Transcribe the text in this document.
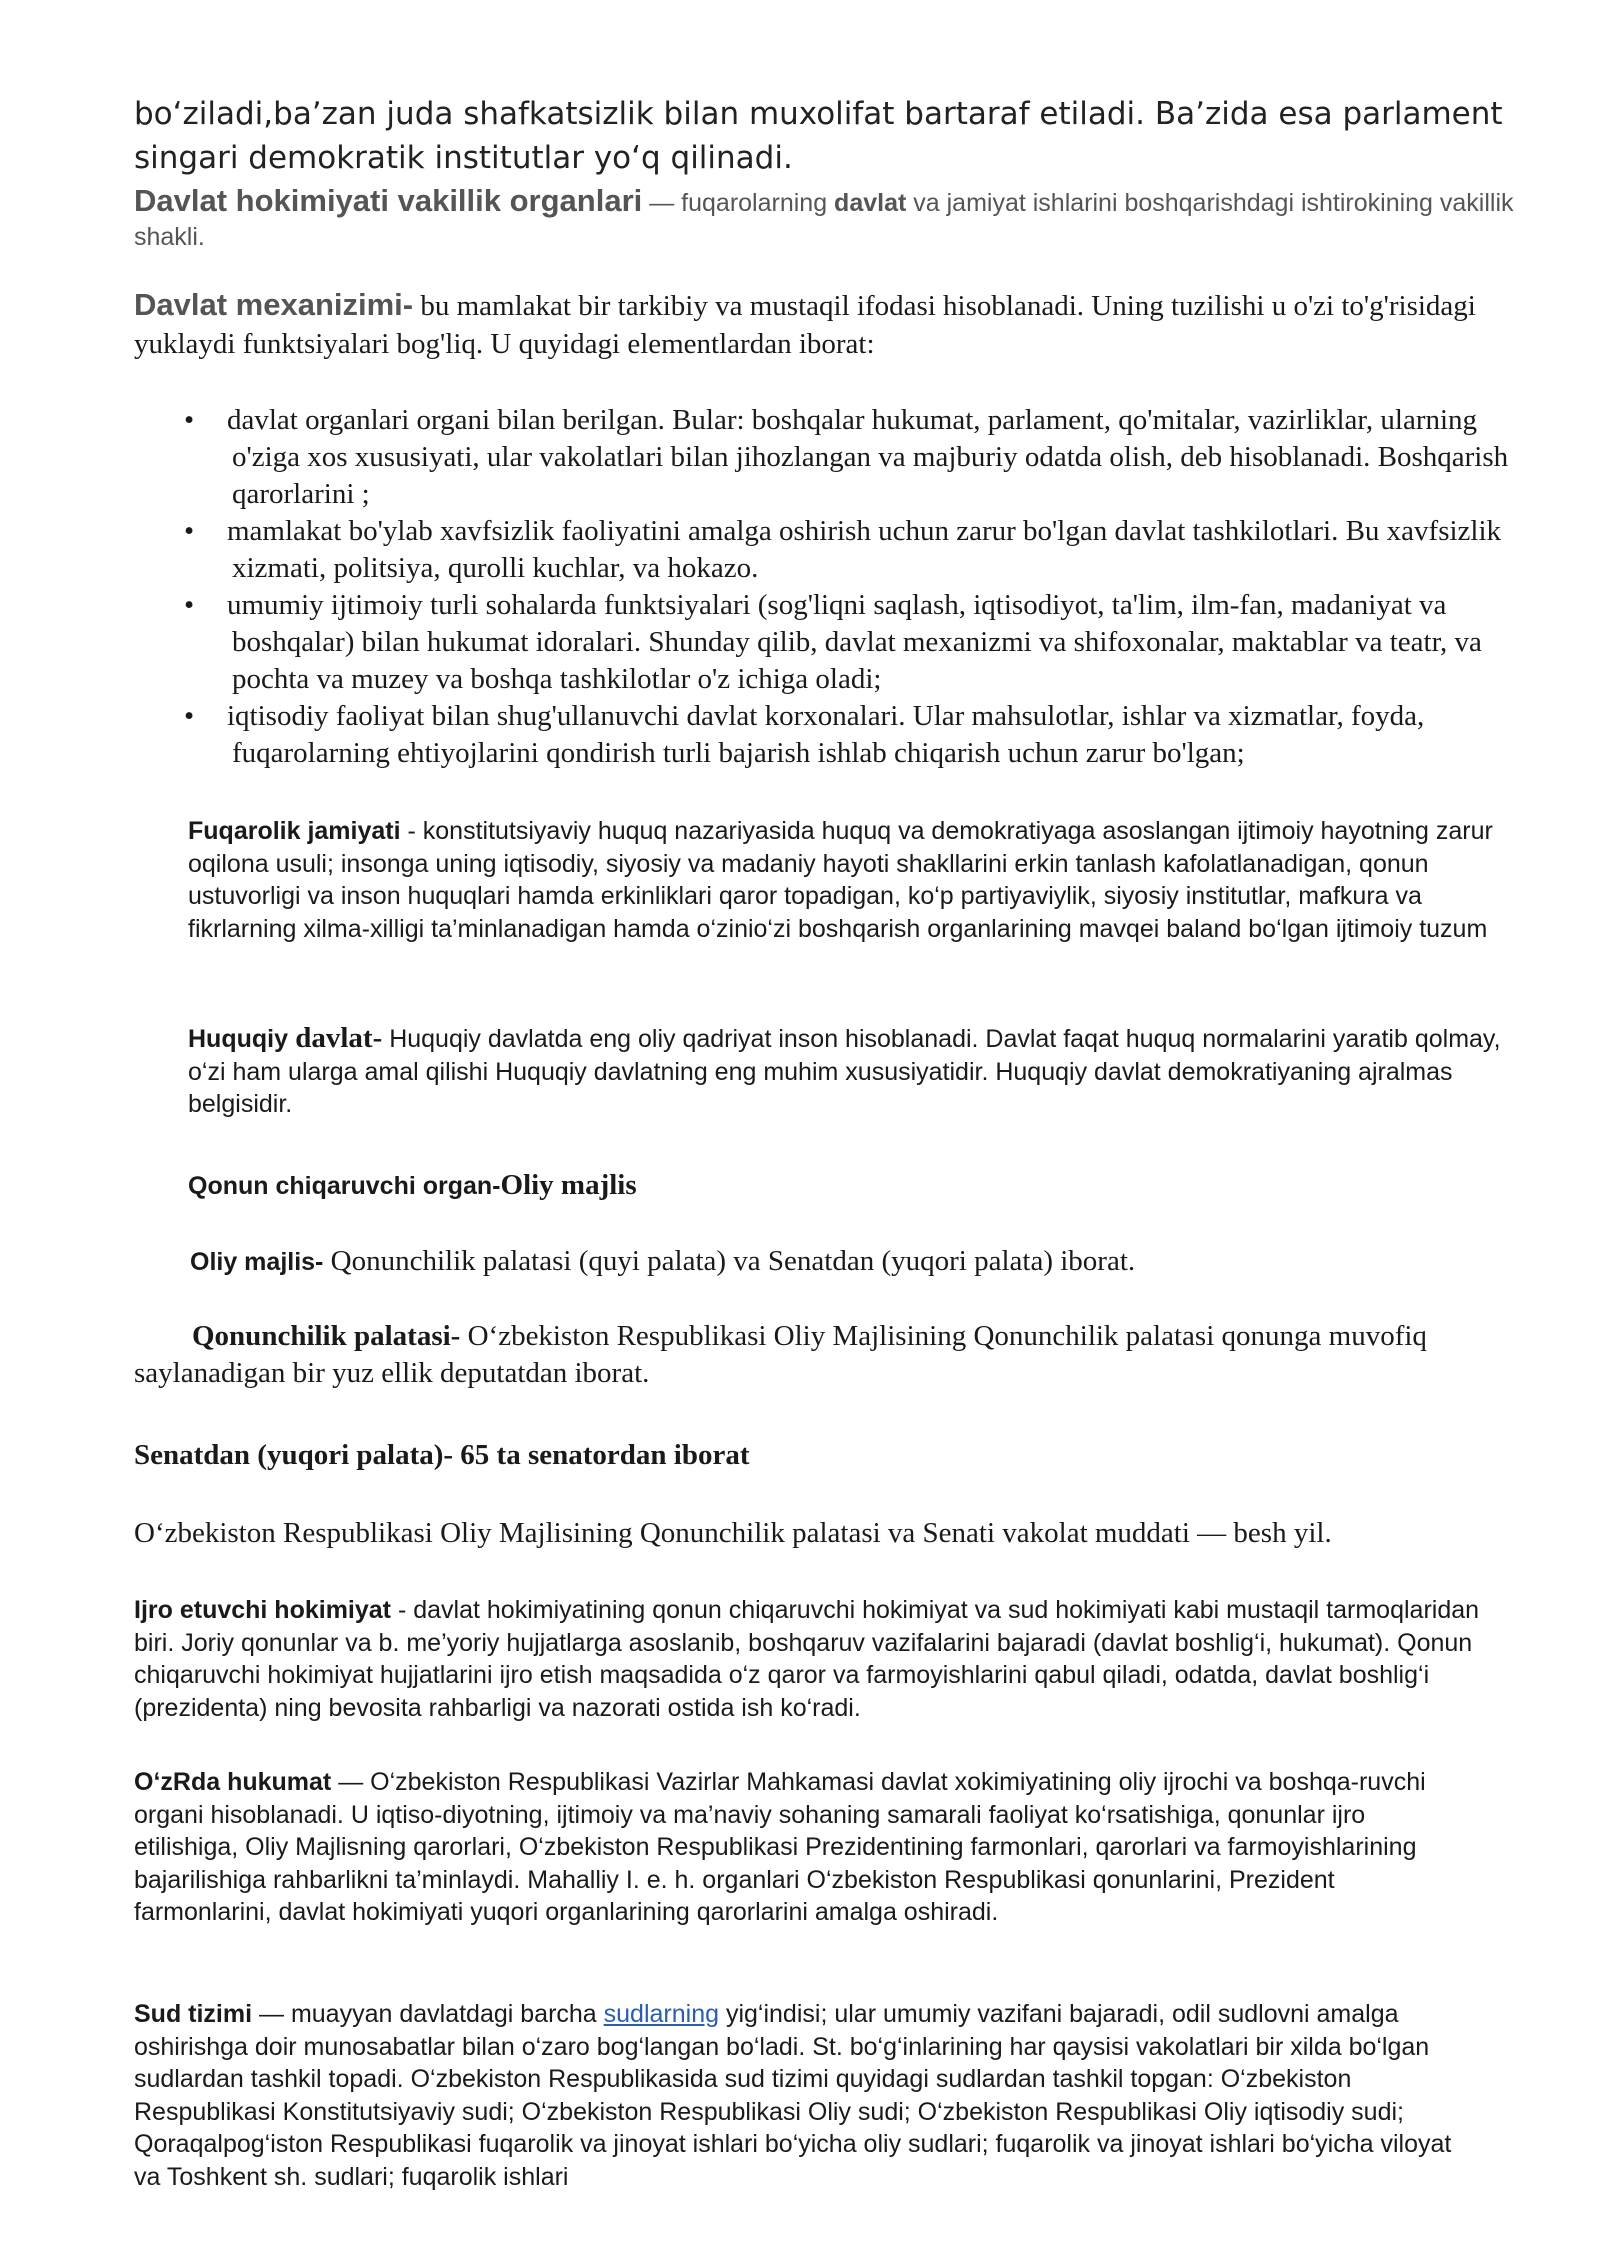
bo‘ziladi,ba’zan juda shafkatsizlik bilan muxolifat bartaraf etiladi. Ba’zida esa parlament singari demokratik institutlar yo‘q qilinadi.

Davlat hokimiyati vakillik organlari — fuqarolarning davlat va jamiyat ishlarini boshqarishdagi ishtirokining vakillik shakli.

Davlat mexanizimi- bu mamlakat bir tarkibiy va mustaqil ifodasi hisoblanadi. Uning tuzilishi u o'zi to'g'risidagi yuklaydi funktsiyalari bog'liq. U quyidagi elementlardan iborat:

• davlat organlari organi bilan berilgan. Bular: boshqalar hukumat, parlament, qo'mitalar, vazirliklar, ularning o'ziga xos xususiyati, ular vakolatlari bilan jihozlangan va majburiy odatda olish, deb hisoblanadi. Boshqarish qarorlarini ;
• mamlakat bo'ylab xavfsizlik faoliyatini amalga oshirish uchun zarur bo'lgan davlat tashkilotlari. Bu xavfsizlik xizmati, politsiya, qurolli kuchlar, va hokazo.
• umumiy ijtimoiy turli sohalarda funktsiyalari (sog'liqni saqlash, iqtisodiyot, ta'lim, ilm-fan, madaniyat va boshqalar) bilan hukumat idoralari. Shunday qilib, davlat mexanizmi va shifoxonalar, maktablar va teatr, va pochta va muzey va boshqa tashkilotlar o'z ichiga oladi;
• iqtisodiy faoliyat bilan shug'ullanuvchi davlat korxonalari. Ular mahsulotlar, ishlar va xizmatlar, foyda, fuqarolarning ehtiyojlarini qondirish turli bajarish ishlab chiqarish uchun zarur bo'lgan;

Fuqarolik jamiyati - konstitutsiyaviy huquq nazariyasida huquq va demokratiyaga asoslangan ijtimoiy hayotning zarur oqilona usuli; insonga uning iqtisodiy, siyosiy va madaniy hayoti shakllarini erkin tanlash kafolatlanadigan, qonun ustuvorligi va inson huquqlari hamda erkinliklari qaror topadigan, ko‘p partiyaviylik, siyosiy institutlar, mafkura va fikrlarning xilma-xilligi ta’minlanadigan hamda o‘zinio‘zi boshqarish organlarining mavqei baland bo‘lgan ijtimoiy tuzum

Huquqiy davlat- Huquqiy davlatda eng oliy qadriyat inson hisoblanadi. Davlat faqat huquq normalarini yaratib qolmay, o‘zi ham ularga amal qilishi Huquqiy davlatning eng muhim xususiyatidir. Huquqiy davlat demokratiyaning ajralmas belgisidir.

Qonun chiqaruvchi organ-Oliy majlis

Oliy majlis- Qonunchilik palatasi (quyi palata) va Senatdan (yuqori palata) iborat.

Qonunchilik palatasi- O‘zbekiston Respublikasi Oliy Majlisining Qonunchilik palatasi qonunga muvofiq saylanadigan bir yuz ellik deputatdan iborat.

Senatdan (yuqori palata)- 65 ta senatordan iborat

O‘zbekiston Respublikasi Oliy Majlisining Qonunchilik palatasi va Senati vakolat muddati — besh yil.

Ijro etuvchi hokimiyat - davlat hokimiyatining qonun chiqaruvchi hokimiyat va sud hokimiyati kabi mustaqil tarmoqlaridan biri. Joriy qonunlar va b. me’yoriy hujjatlarga asoslanib, boshqaruv vazifalarini bajaradi (davlat boshlig‘i, hukumat). Qonun chiqaruvchi hokimiyat hujjatlarini ijro etish maqsadida o‘z qaror va farmoyishlarini qabul qiladi, odatda, davlat boshlig‘i (prezidenta) ning bevosita rahbarligi va nazorati ostida ish ko‘radi.

O‘zRda hukumat — O‘zbekiston Respublikasi Vazirlar Mahkamasi davlat xokimiyatining oliy ijrochi va boshqa-ruvchi organi hisoblanadi. U iqtiso-diyotning, ijtimoiy va ma’naviy sohaning samarali faoliyat ko‘rsatishiga, qonunlar ijro etilishiga, Oliy Majlisning qarorlari, O‘zbekiston Respublikasi Prezidentining farmonlari, qarorlari va farmoyishlarining bajarilishiga rahbarlikni ta’minlaydi. Mahalliy I. e. h. organlari O‘zbekiston Respublikasi qonunlarini, Prezident farmonlarini, davlat hokimiyati yuqori organlarining qarorlarini amalga oshiradi.

Sud tizimi — muayyan davlatdagi barcha sudlarning yig‘indisi; ular umumiy vazifani bajaradi, odil sudlovni amalga oshirishga doir munosabatlar bilan o‘zaro bog‘langan bo‘ladi. St. bo‘g‘inlarining har qaysisi vakolatlari bir xilda bo‘lgan sudlardan tashkil topadi. O‘zbekiston Respublikasida sud tizimi quyidagi sudlardan tashkil topgan: O‘zbekiston Respublikasi Konstitutsiyaviy sudi; O‘zbekiston Respublikasi Oliy sudi; O‘zbekiston Respublikasi Oliy iqtisodiy sudi; Qoraqalpog‘iston Respublikasi fuqarolik va jinoyat ishlari bo‘yicha oliy sudlari; fuqarolik va jinoyat ishlari bo‘yicha viloyat va Toshkent sh. sudlari; fuqarolik ishlari
